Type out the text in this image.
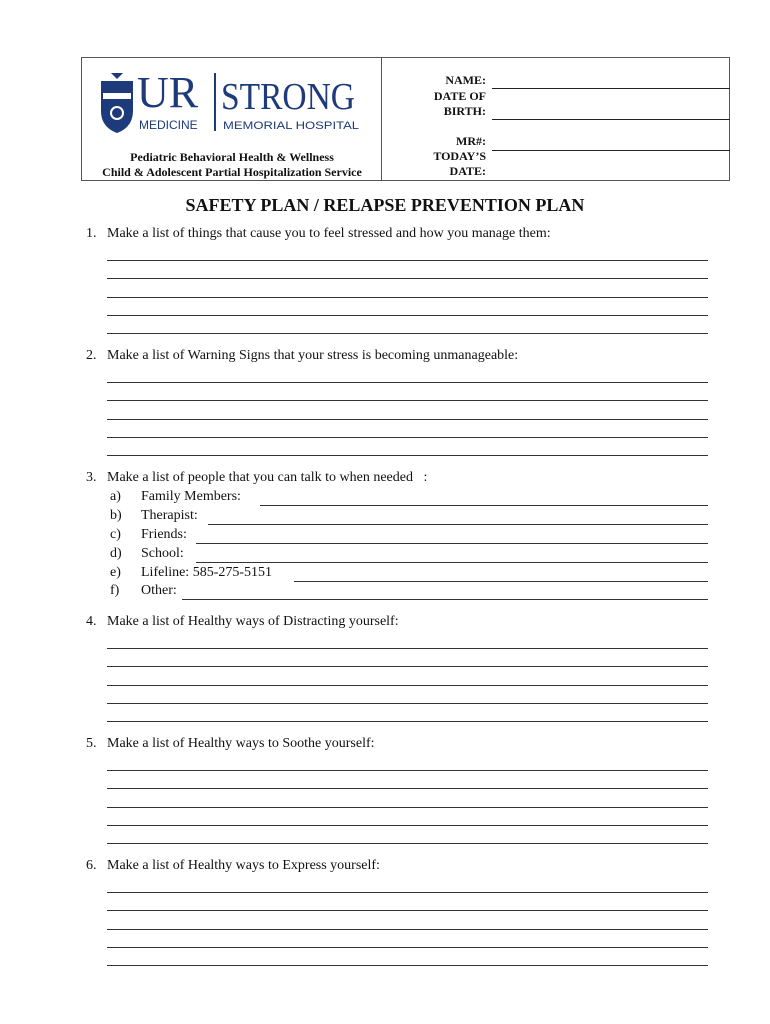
UR
MEDICINE
STRONG
MEMORIAL HOSPITAL
Pediatric Behavioral Health & Wellness
Child & Adolescent Partial Hospitalization Service
NAME:
DATE OF
BIRTH:
MR#:
TODAY’S
DATE:
SAFETY PLAN / RELAPSE PREVENTION PLAN
1. Make a list of things that cause you to feel stressed and how you manage them:
2. Make a list of Warning Signs that your stress is becoming unmanageable:
3. Make a list of people that you can talk to when needed   :
a) Family Members:
b) Therapist:
c) Friends:
d) School:
e) Lifeline: 585-275-5151
f) Other:
4. Make a list of Healthy ways of Distracting yourself:
5. Make a list of Healthy ways to Soothe yourself:
6. Make a list of Healthy ways to Express yourself:
